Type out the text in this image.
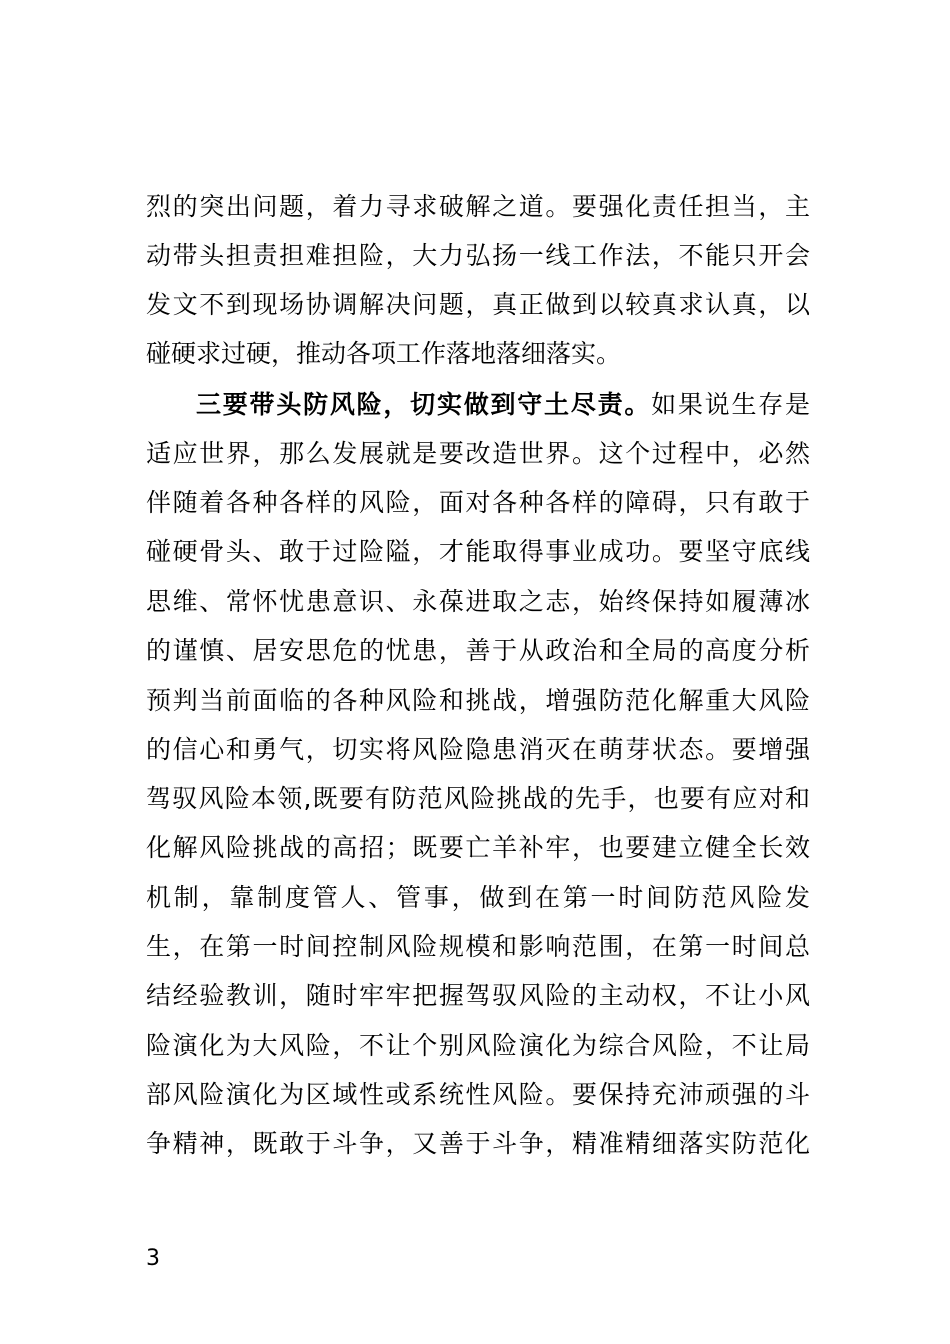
烈的突出问题，着力寻求破解之道。要强化责任担当，主
动带头担责担难担险，大力弘扬一线工作法，不能只开会
发文不到现场协调解决问题，真正做到以较真求认真，以
碰硬求过硬，推动各项工作落地落细落实。
三要带头防风险，切实做到守土尽责。如果说生存是
适应世界，那么发展就是要改造世界。这个过程中，必然
伴随着各种各样的风险，面对各种各样的障碍，只有敢于
碰硬骨头、敢于过险隘，才能取得事业成功。要坚守底线
思维、常怀忧患意识、永葆进取之志，始终保持如履薄冰
的谨慎、居安思危的忧患，善于从政治和全局的高度分析
预判当前面临的各种风险和挑战，增强防范化解重大风险
的信心和勇气，切实将风险隐患消灭在萌芽状态。要增强
驾驭风险本领,既要有防范风险挑战的先手，也要有应对和
化解风险挑战的高招；既要亡羊补牢，也要建立健全长效
机制，靠制度管人、管事，做到在第一时间防范风险发
生，在第一时间控制风险规模和影响范围，在第一时间总
结经验教训，随时牢牢把握驾驭风险的主动权，不让小风
险演化为大风险，不让个别风险演化为综合风险，不让局
部风险演化为区域性或系统性风险。要保持充沛顽强的斗
争精神，既敢于斗争，又善于斗争，精准精细落实防范化
3
